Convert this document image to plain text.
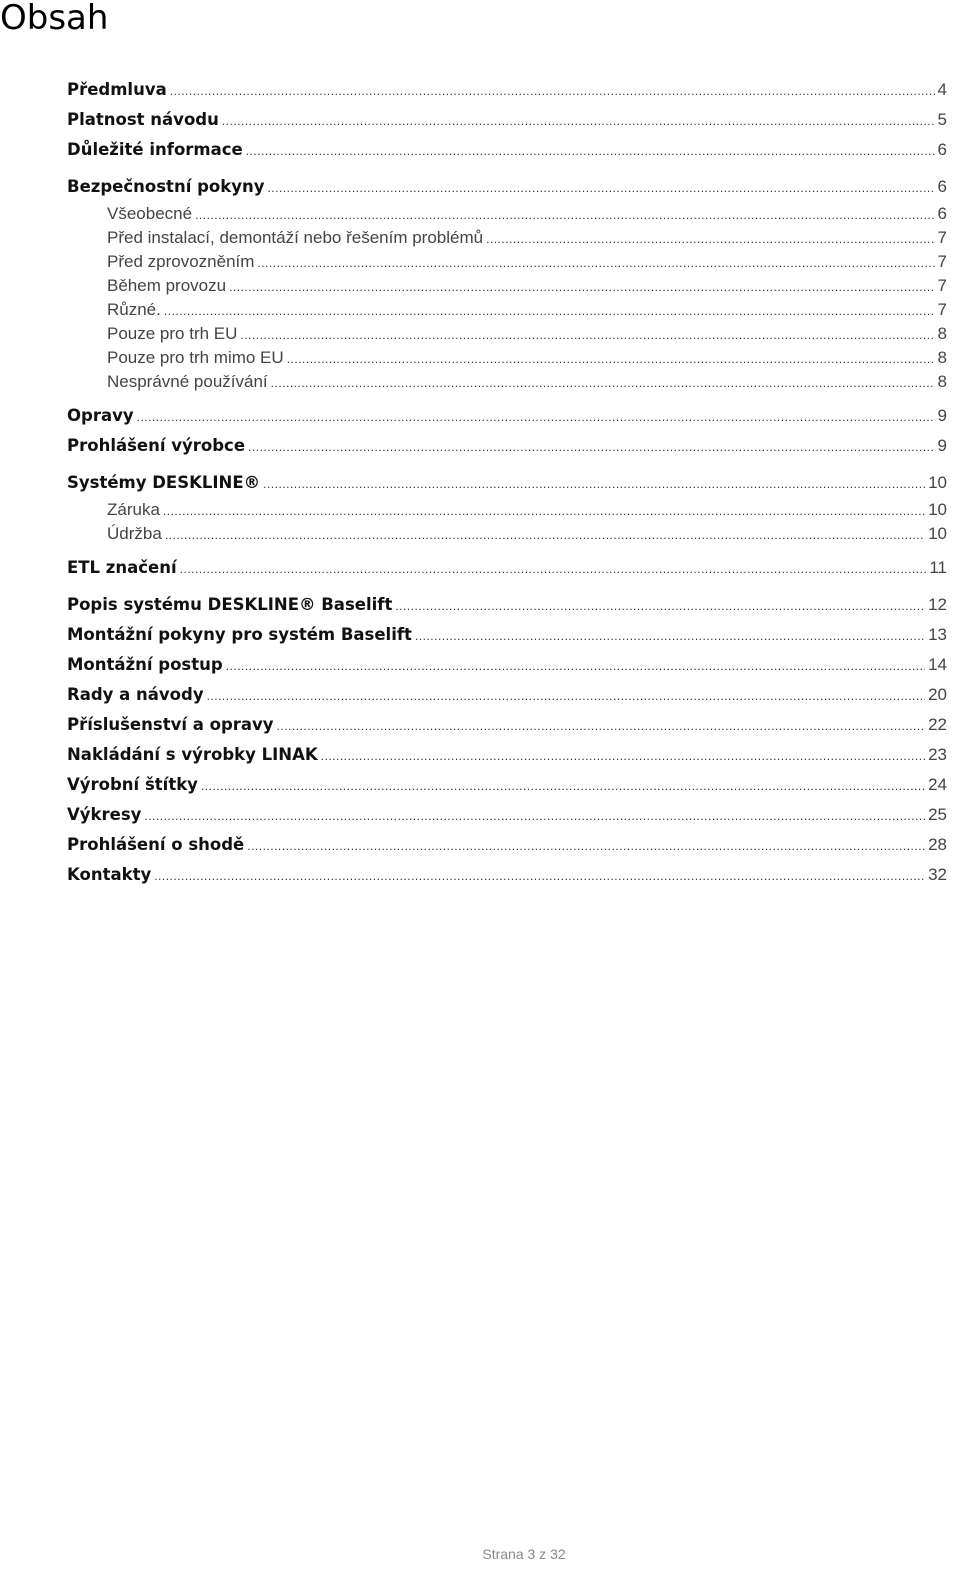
Obsah
Předmluva .....	4
Platnost návodu .....	5
Důležité informace .....	6
Bezpečnostní pokyny .....	6
Všeobecné .....	6
Před instalací, demontáží nebo řešením problémů .....	7
Před zprovozněním .....	7
Během provozu .....	7
Různé. .....	7
Pouze pro trh EU .....	8
Pouze pro trh mimo EU .....	8
Nesprávné používání .....	8
Opravy .....	9
Prohlášení výrobce .....	9
Systémy DESKLINE® .....	10
Záruka .....	10
Údržba .....	10
ETL značení .....	11
Popis systému DESKLINE® Baselift .....	12
Montážní pokyny pro systém Baselift .....	13
Montážní postup .....	14
Rady a návody .....	20
Příslušenství a opravy .....	22
Nakládání s výrobky LINAK .....	23
Výrobní štítky .....	24
Výkresy .....	25
Prohlášení o shodě .....	28
Kontakty .....	32
Strana 3 z 32
